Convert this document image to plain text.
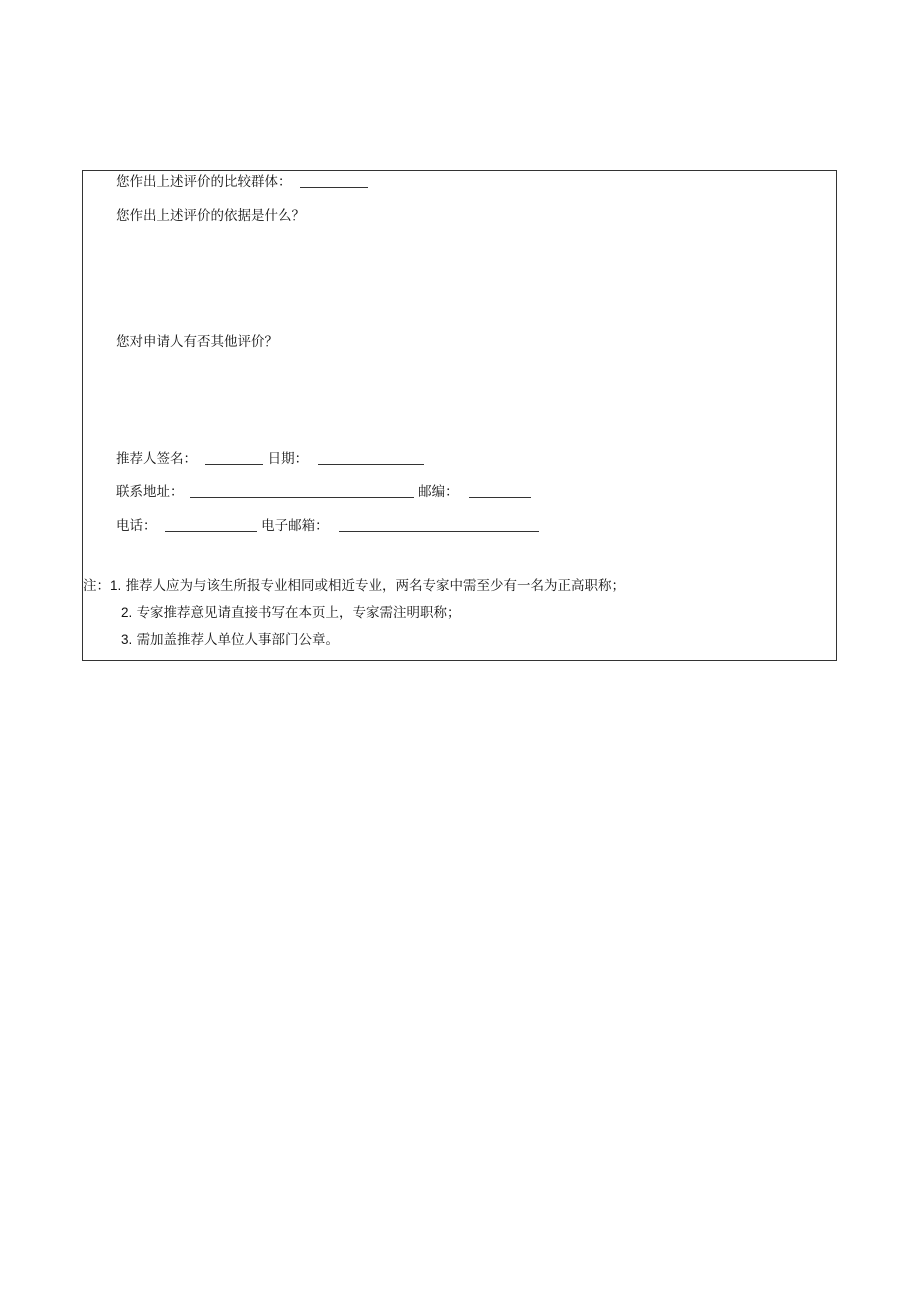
您作出上述评价的比较群体：
您作出上述评价的依据是什么？
您对申请人有否其他评价？
推荐人签名：	日期：
联系地址：	邮编：
电话：	电子邮箱：
注：1. 推荐人应为与该生所报专业相同或相近专业，两名专家中需至少有一名为正高职称；
2. 专家推荐意见请直接书写在本页上，专家需注明职称；
3. 需加盖推荐人单位人事部门公章。
